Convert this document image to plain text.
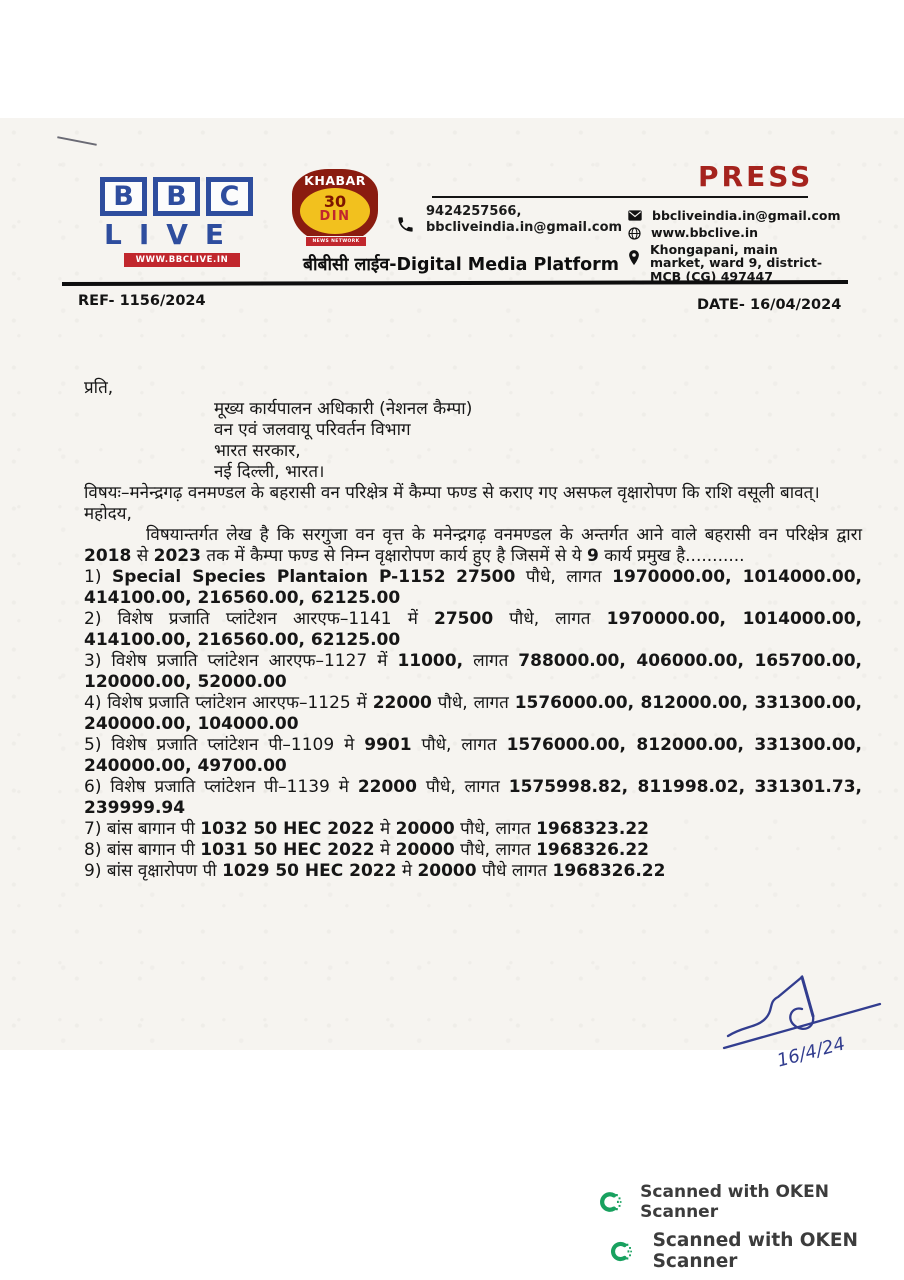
B	B	C
LIVE
WWW.BBCLIVE.IN
KHABAR
30
DIN
NEWS NETWORK
बीबीसी लाईव-Digital Media Platform
PRESS
9424257566,
bbcliveindia.in@gmail.com
bbcliveindia.in@gmail.com
www.bbclive.in
Khongapani, main market, ward 9, district-MCB (CG) 497447
REF- 1156/2024	DATE- 16/04/2024

प्रति,

मूख्य कार्यपालन अधिकारी (नेशनल कैम्पा)
वन एवं जलवायू परिवर्तन विभाग
भारत सरकार,
नई दिल्ली, भारत।

विषयः–मनेन्द्रगढ़ वनमण्डल के बहरासी वन परिक्षेत्र में कैम्पा फण्ड से कराए गए असफल वृक्षारोपण कि राशि वसूली बावत्।

महोदय,

विषयान्तर्गत लेख है कि सरगुजा वन वृत्त के मनेन्द्रगढ़ वनमण्डल के अन्तर्गत आने वाले बहरासी वन परिक्षेत्र द्वारा 2018 से 2023 तक में कैम्पा फण्ड से निम्न वृक्षारोपण कार्य हुए है जिसमें से ये 9 कार्य प्रमुख है...........

1) Special Species Plantaion P-1152 27500 पौधे, लागत 1970000.00, 1014000.00, 414100.00, 216560.00, 62125.00

2) विशेष प्रजाति प्लांटेशन आरएफ–1141 में 27500 पौधे, लागत 1970000.00, 1014000.00, 414100.00, 216560.00, 62125.00

3) विशेष प्रजाति प्लांटेशन आरएफ–1127 में 11000, लागत 788000.00, 406000.00, 165700.00, 120000.00, 52000.00

4) विशेष प्रजाति प्लांटेशन आरएफ–1125 में 22000 पौधे, लागत 1576000.00, 812000.00, 331300.00, 240000.00, 104000.00

5) विशेष प्रजाति प्लांटेशन पी–1109 मे 9901 पौधे, लागत 1576000.00, 812000.00, 331300.00, 240000.00, 49700.00

6) विशेष प्रजाति प्लांटेशन पी–1139 मे 22000 पौधे, लागत 1575998.82, 811998.02, 331301.73, 239999.94

7) बांस बागान पी 1032 50 HEC 2022 मे 20000 पौधे, लागत 1968323.22

8) बांस बागान पी 1031 50 HEC 2022 मे 20000 पौधे, लागत 1968326.22

9) बांस वृक्षारोपण पी 1029 50 HEC 2022 मे 20000 पौधे लागत 1968326.22

16/4/24
Scanned with OKEN Scanner
Scanned with OKEN Scanner
